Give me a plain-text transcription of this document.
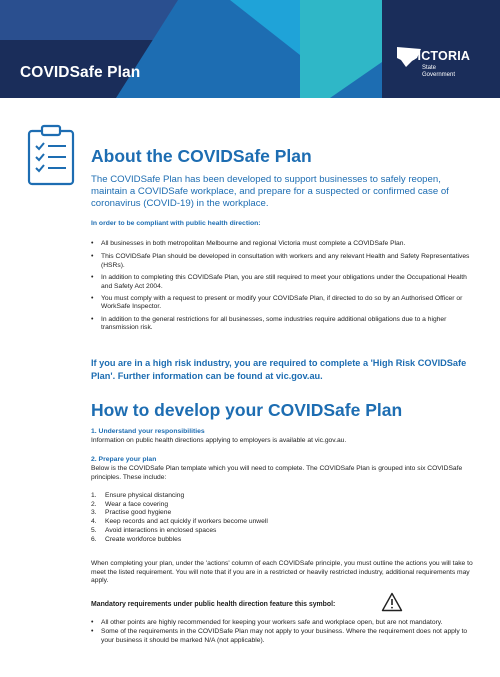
COVIDSafe Plan
VICTORIA
State
Government
About the COVIDSafe Plan
The COVIDSafe Plan has been developed to support businesses to safely reopen, maintain a COVIDSafe workplace, and prepare for a suspected or confirmed case of coronavirus (COVID-19) in the workplace.
In order to be compliant with public health direction:
• All businesses in both metropolitan Melbourne and regional Victoria must complete a COVIDSafe Plan.
• This COVIDSafe Plan should be developed in consultation with workers and any relevant Health and Safety Representatives (HSRs).
• In addition to completing this COVIDSafe Plan, you are still required to meet your obligations under the Occupational Health and Safety Act 2004.
• You must comply with a request to present or modify your COVIDSafe Plan, if directed to do so by an Authorised Officer or WorkSafe Inspector.
• In addition to the general restrictions for all businesses, some industries require additional obligations due to a higher transmission risk.
If you are in a high risk industry, you are required to complete a 'High Risk COVIDSafe Plan'. Further information can be found at vic.gov.au.
How to develop your COVIDSafe Plan
1. Understand your responsibilities
Information on public health directions applying to employers is available at vic.gov.au.
2. Prepare your plan
Below is the COVIDSafe Plan template which you will need to complete. The COVIDSafe Plan is grouped into six COVIDSafe principles. These include:
1. Ensure physical distancing
2. Wear a face covering
3. Practise good hygiene
4. Keep records and act quickly if workers become unwell
5. Avoid interactions in enclosed spaces
6. Create workforce bubbles
When completing your plan, under the 'actions' column of each COVIDSafe principle, you must outline the actions you will take to meet the listed requirement. You will note that if you are in a restricted or heavily restricted industry, additional requirements may apply.
Mandatory requirements under public health direction feature this symbol:
• All other points are highly recommended for keeping your workers safe and workplace open, but are not mandatory.
• Some of the requirements in the COVIDSafe Plan may not apply to your business. Where the requirement does not apply to your business it should be marked N/A (not applicable).
